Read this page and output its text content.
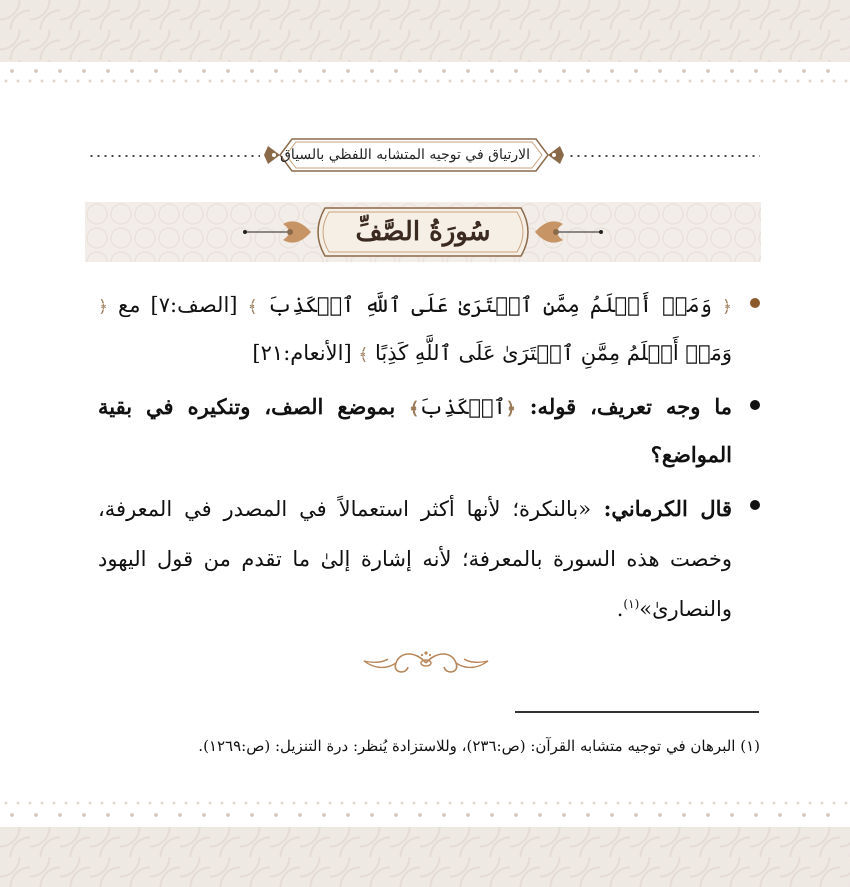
الارتياق في توجيه المتشابه اللفظي بالسياق
سُورَةُ الصَّفِّ
﴿ وَمَنۡ أَظۡلَمُ مِمَّنِ ٱفۡتَرَىٰ عَلَى ٱللَّهِ ٱلۡكَذِبَ ﴾ [الصف:٧] مع ﴿ وَمَنۡ أَظۡلَمُ مِمَّنِ ٱفۡتَرَىٰ عَلَى ٱللَّهِ كَذِبًا ﴾ [الأنعام:٢١]
ما وجه تعريف، قوله: ﴿ٱلۡكَذِبَ﴾ بموضع الصف، وتنكيره في بقية المواضع؟
قال الكرماني: «بالنكرة؛ لأنها أكثر استعمالاً في المصدر في المعرفة، وخصت هذه السورة بالمعرفة؛ لأنه إشارة إلىٰ ما تقدم من قول اليهود والنصارىٰ»$^{(١)}$.
(١) البرهان في توجيه متشابه القرآن: (ص:٢٣٦)، وللاستزادة يُنظر: درة التنزيل: (ص:١٢٦٩).
